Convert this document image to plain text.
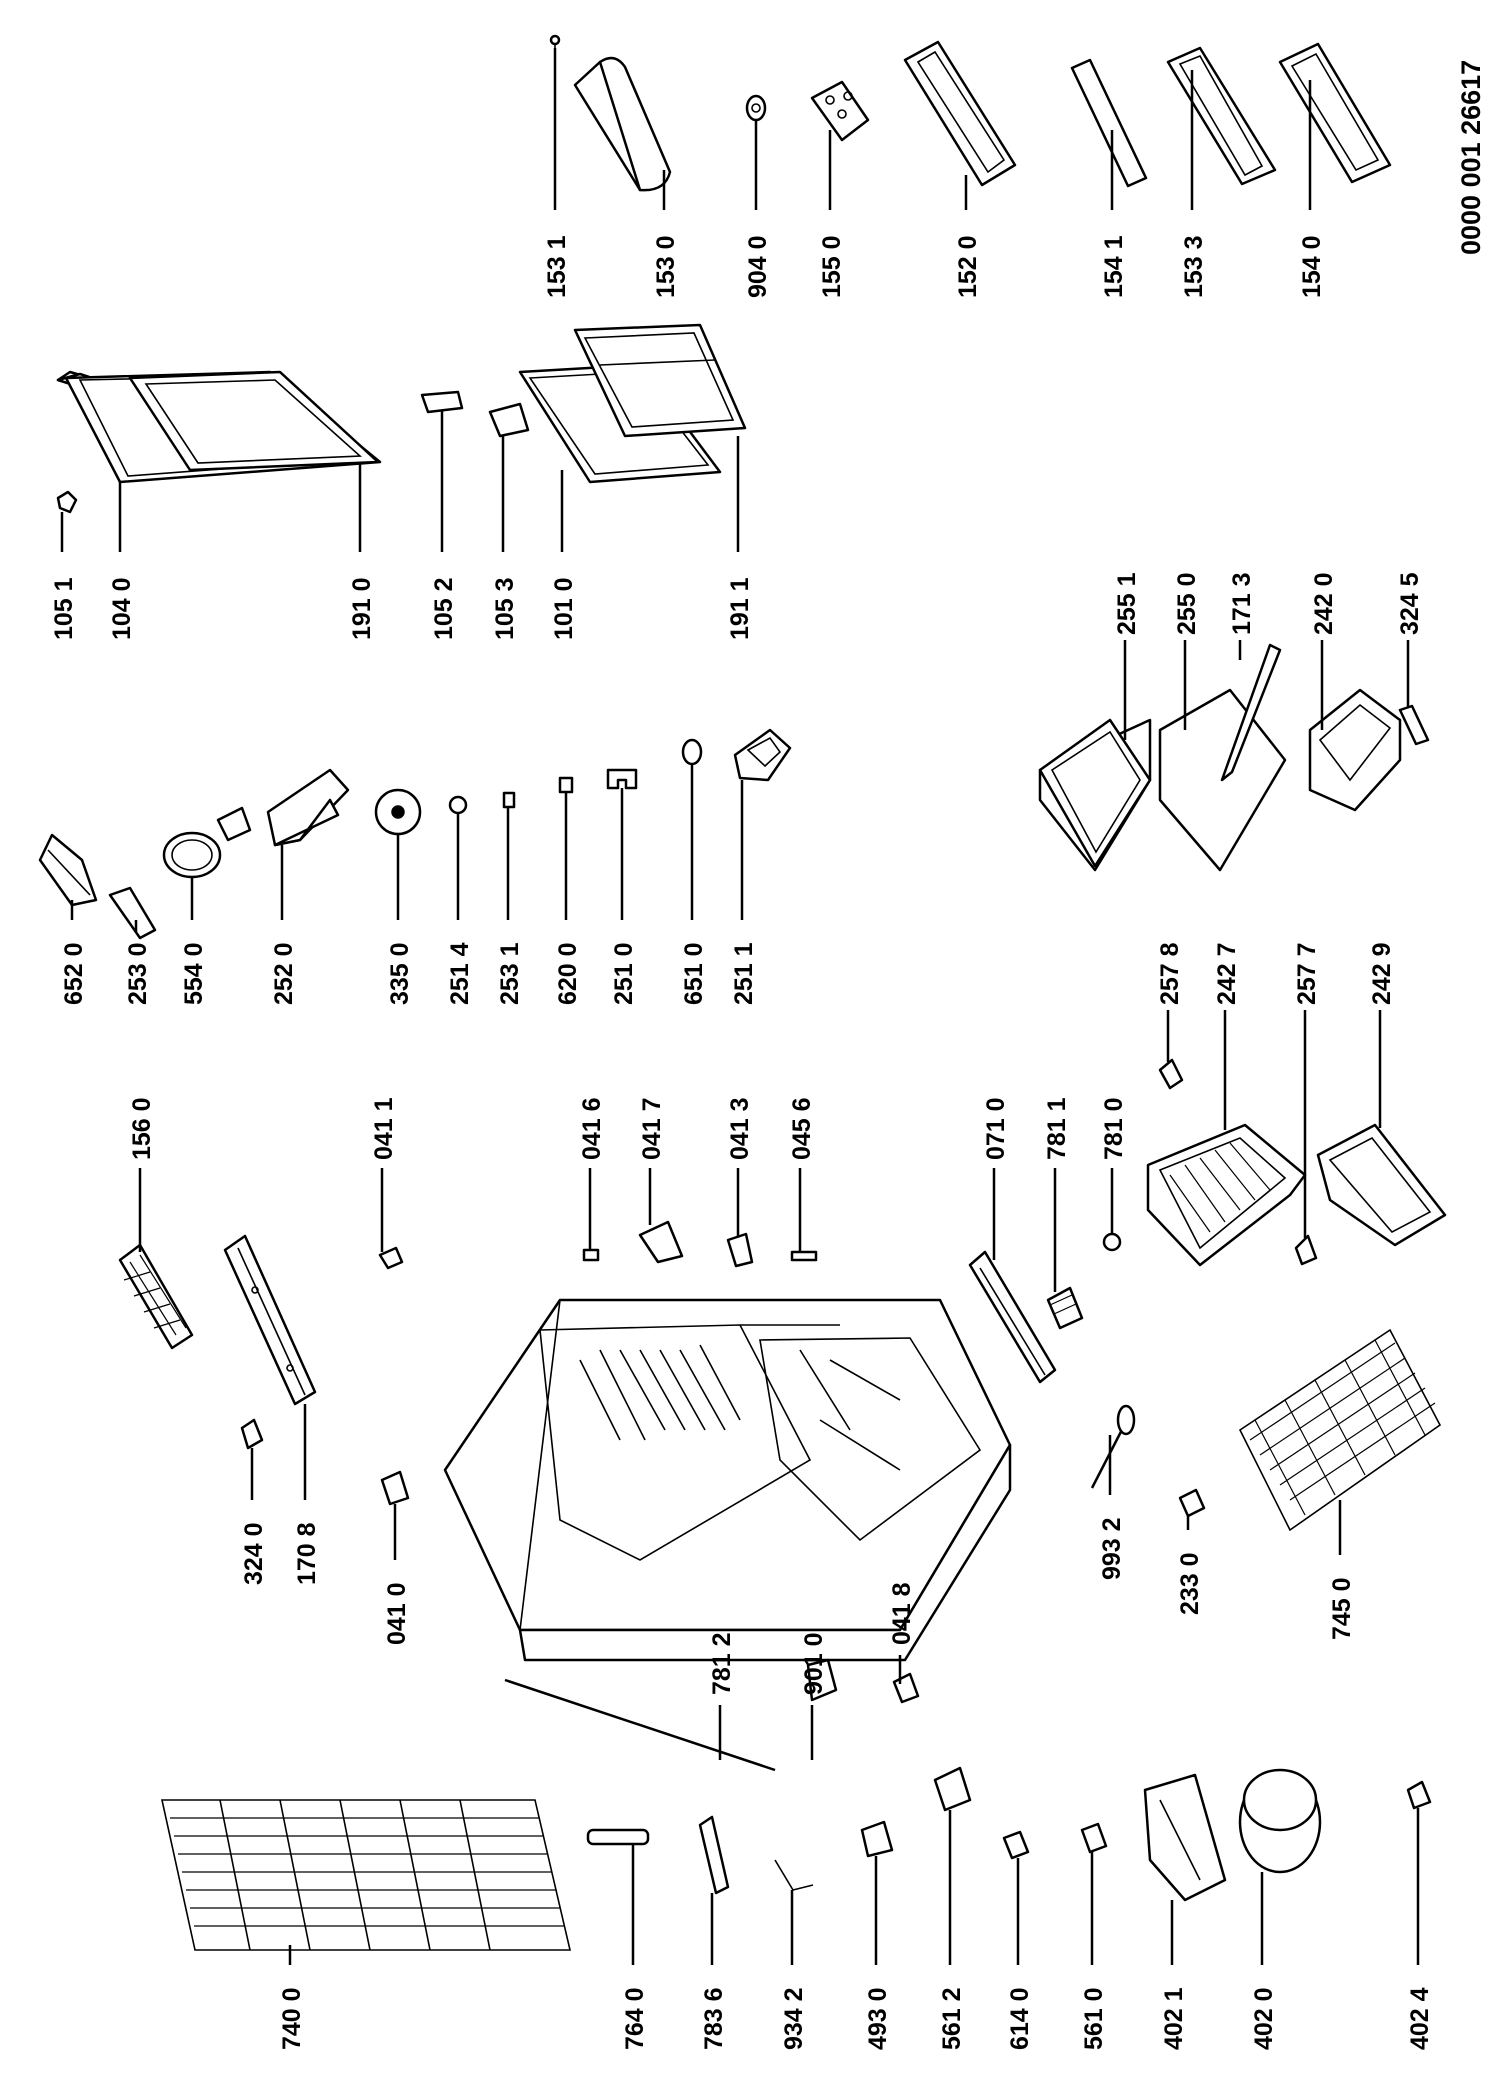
0000 001 26617
105 1 104 0	191 0 105 2 105 3 101 0	191 1
153 1	153 0	904 0 155 0	152 0	154 1 153 3	154 0
652 0 253 0 554 0 252 0	335 0 251 4 253 1 620 0 251 0 651 0 251 1
255 1 255 0 171 3 242 0 324 5
156 0	041 1	041 6 041 7 041 3 045 6	071 0 781 1 781 0
257 8 242 7 257 7 242 9
324 0 170 8
041 0
993 2
233 0	745 0
781 2	901 0
041 8
740 0	764 0 783 6 934 2 493 0 561 2 614 0 561 0 402 1 402 0	402 4
